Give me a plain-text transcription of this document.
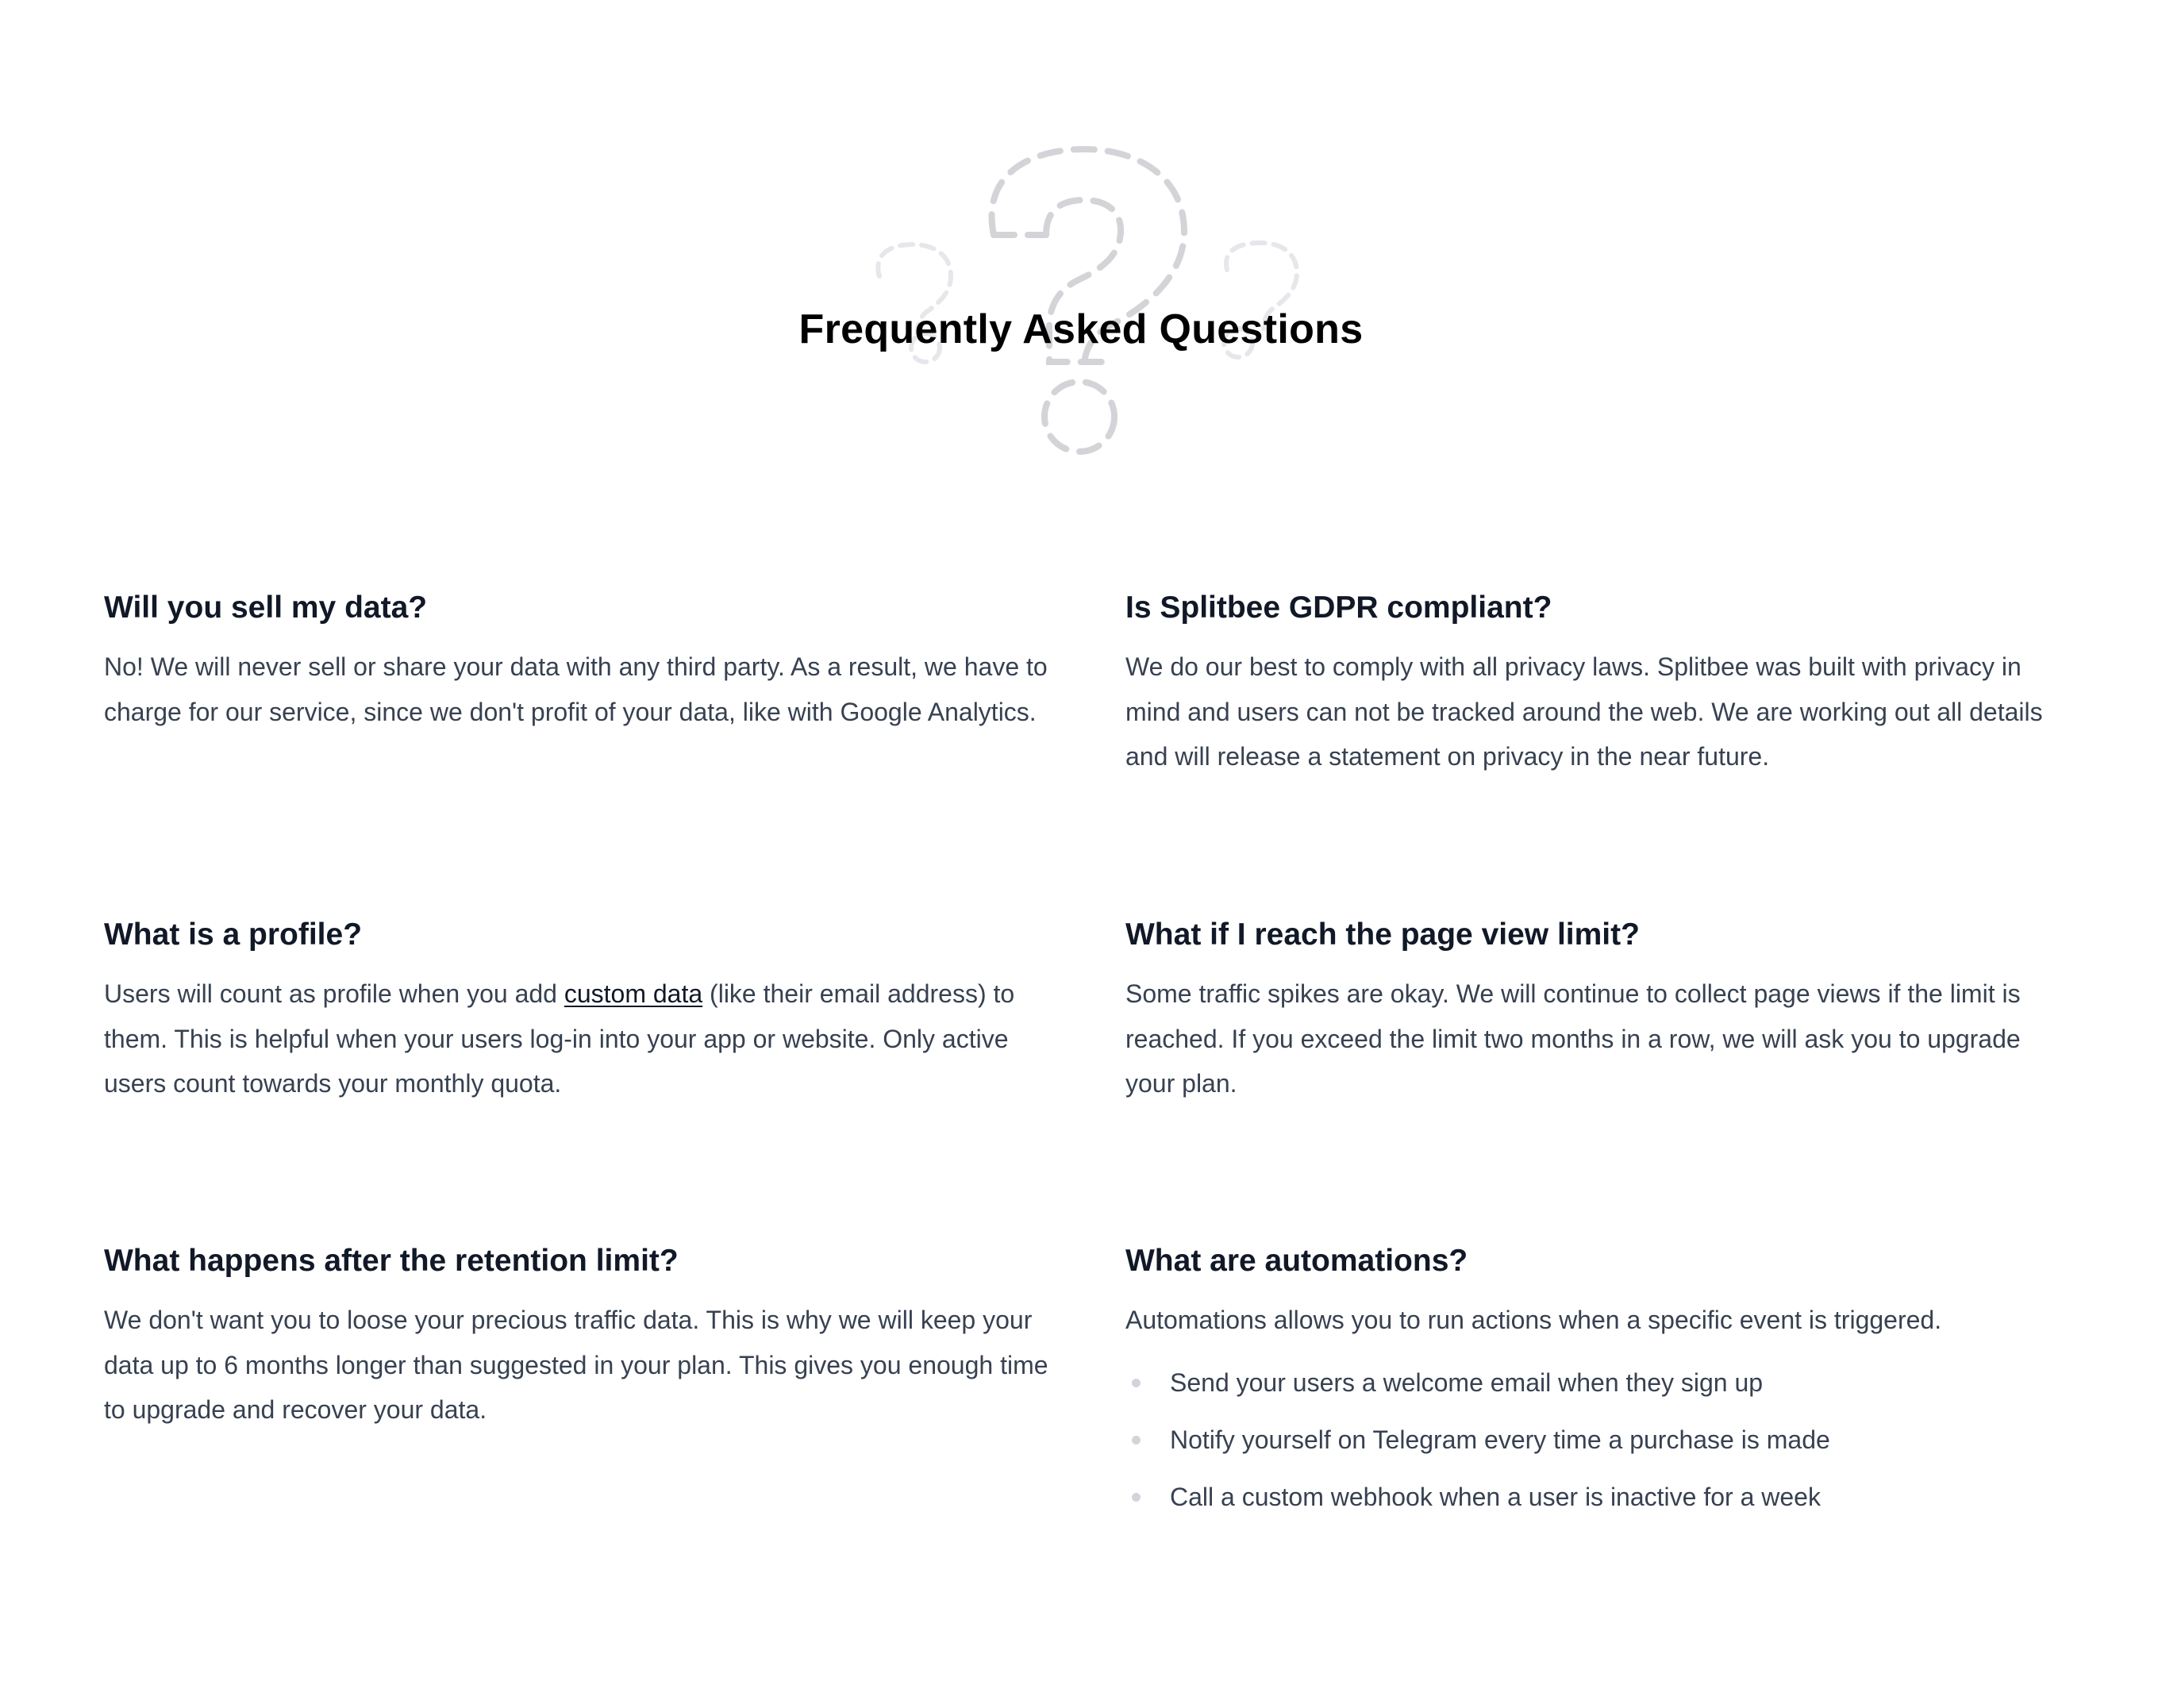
Frequently Asked Questions
Will you sell my data?

No! We will never sell or share your data with any third party. As a result, we have to charge for our service, since we don't profit of your data, like with Google Analytics.

Is Splitbee GDPR compliant?

We do our best to comply with all privacy laws. Splitbee was built with privacy in mind and users can not be tracked around the web. We are working out all details and will release a statement on privacy in the near future.

What is a profile?

Users will count as profile when you add custom data (like their email address) to them. This is helpful when your users log-in into your app or website. Only active users count towards your monthly quota.

What if I reach the page view limit?

Some traffic spikes are okay. We will continue to collect page views if the limit is reached. If you exceed the limit two months in a row, we will ask you to upgrade your plan.

What happens after the retention limit?

We don't want you to loose your precious traffic data. This is why we will keep your data up to 6 months longer than suggested in your plan. This gives you enough time to upgrade and recover your data.

What are automations?

Automations allows you to run actions when a specific event is triggered.

Send your users a welcome email when they sign up
Notify yourself on Telegram every time a purchase is made
Call a custom webhook when a user is inactive for a week
